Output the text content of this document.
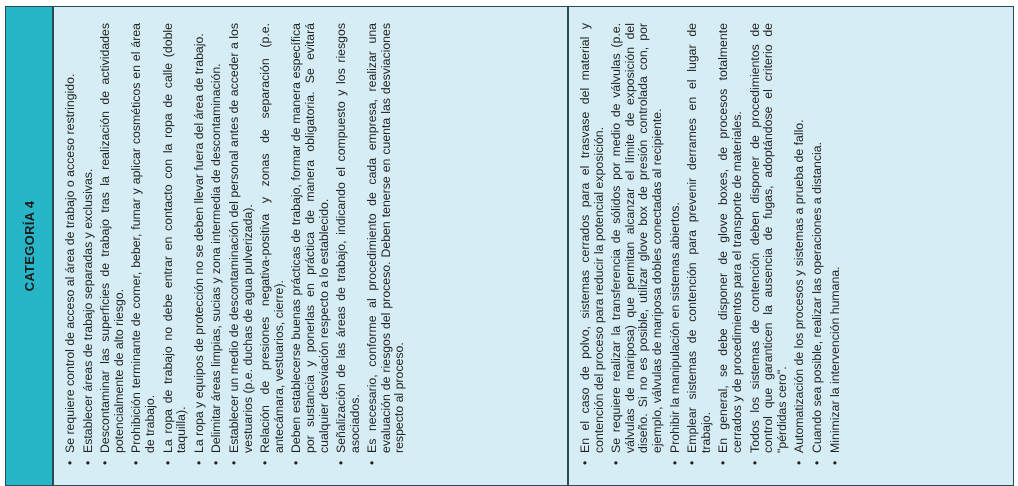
CATEGORÍA 4 • Se requiere control de acceso al área de trabajo o acceso restringido. • Establecer áreas de trabajo separadas y exclusivas. • Descontaminar las superficies de trabajo tras la realización de actividades potencialmente de alto riesgo. • Prohibición terminante de comer, beber, fumar y aplicar cosméticos en el área de trabajo. • La ropa de trabajo no debe entrar en contacto con la ropa de calle (doble taquilla). • La ropa y equipos de protección no se deben llevar fuera del área de trabajo. • Delimitar áreas limpias, sucias y zona intermedia de descontaminación. • Establecer un medio de descontaminación del personal antes de acceder a los vestuarios (p.e. duchas de agua pulverizada). • Relación de presiones negativa-positiva y zonas de separación (p.e. antecámara, vestuarios, cierre). • Deben establecerse buenas prácticas de trabajo, formar de manera específica por sustancia y ponerlas en práctica de manera obligatoria. Se evitará cualquier desviación respecto a lo establecido. • Señalización de las áreas de trabajo, indicando el compuesto y los riesgos asociados. • Es necesario, conforme al procedimiento de cada empresa, realizar una evaluación de riesgos del proceso. Deben tenerse en cuenta las desviaciones respecto al proceso.	• En el caso de polvo, sistemas cerrados para el trasvase del material y contención del proceso para reducir la potencial exposición. • Se requiere realizar la transferencia de sólidos por medio de válvulas (p.e. válvulas de mariposa) que permitan alcanzar el límite de exposición del diseño. Si no es posible, utilizar glove box de presión controlada con, por ejemplo, válvulas de mariposa dobles conectadas al recipiente. • Prohibir la manipulación en sistemas abiertos. • Emplear sistemas de contención para prevenir derrames en el lugar de trabajo. • En general, se debe disponer de glove boxes, de procesos totalmente cerrados y de procedimientos para el transporte de materiales. • Todos los sistemas de contención deben disponer de procedimientos de control que garanticen la ausencia de fugas, adoptándose el criterio de "pérdidas cero". • Automatización de los procesos y sistemas a prueba de fallo. • Cuando sea posible, realizar las operaciones a distancia. • Minimizar la intervención humana.
